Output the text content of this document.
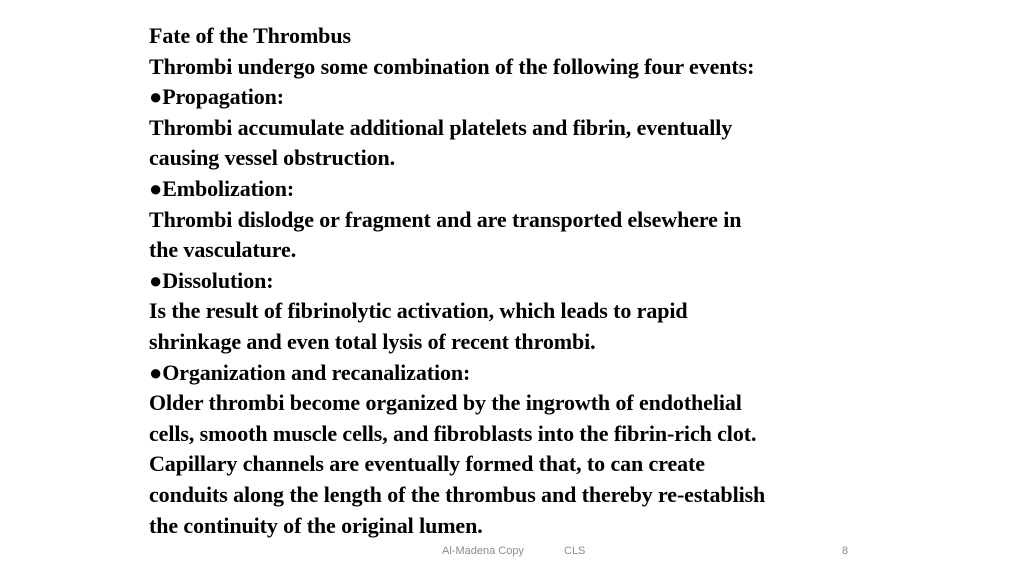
Fate of the Thrombus
Thrombi undergo some combination of the following four events:
●Propagation:
Thrombi accumulate additional platelets and fibrin, eventually
causing vessel obstruction.
●Embolization:
Thrombi dislodge or fragment and are transported elsewhere in
the vasculature.
●Dissolution:
Is the result of fibrinolytic activation, which leads to rapid
shrinkage and even total lysis of recent thrombi.
●Organization and recanalization:
Older thrombi become organized by the ingrowth of endothelial
cells, smooth muscle cells, and fibroblasts into the fibrin-rich clot.
Capillary channels are eventually formed that, to can create
conduits along the length of the thrombus and thereby re-establish
the continuity of the original lumen.
Al-Madena Copy	CLS	8
